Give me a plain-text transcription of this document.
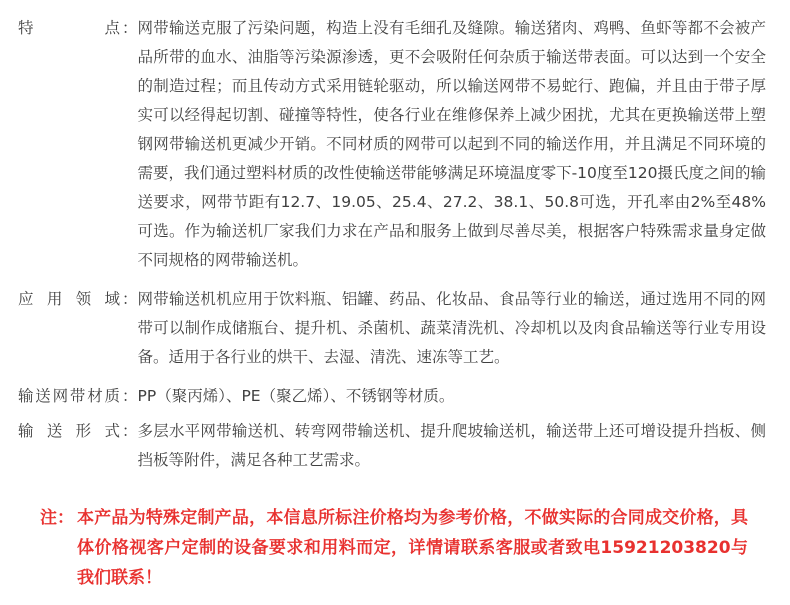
特点 ： 网带输送克服了污染问题，构造上没有毛细孔及缝隙。输送猪肉、鸡鸭、鱼虾等都不会被产品所带的血水、油脂等污染源渗透，更不会吸附任何杂质于输送带表面。可以达到一个安全的制造过程；而且传动方式采用链轮驱动，所以输送网带不易蛇行、跑偏，并且由于带子厚实可以经得起切割、碰撞等特性，使各行业在维修保养上减少困扰，尤其在更换输送带上塑钢网带输送机更减少开销。不同材质的网带可以起到不同的输送作用，并且满足不同环境的需要，我们通过塑料材质的改性使输送带能够满足环境温度零下-10度至120摄氏度之间的输送要求，网带节距有12.7、19.05、25.4、27.2、38.1、50.8可选，开孔率由2%至48%可选。作为输送机厂家我们力求在产品和服务上做到尽善尽美，根据客户特殊需求量身定做不同规格的网带输送机。
应用领域 ： 网带输送机机应用于饮料瓶、铝罐、药品、化妆品、食品等行业的输送，通过选用不同的网带可以制作成储瓶台、提升机、杀菌机、蔬菜清洗机、冷却机以及肉食品输送等行业专用设备。适用于各行业的烘干、去湿、清洗、速冻等工艺。
输送网带材质 ： PP（聚丙烯）、PE（聚乙烯）、不锈钢等材质。
输送形式 ： 多层水平网带输送机、转弯网带输送机、提升爬坡输送机，输送带上还可增设提升挡板、侧挡板等附件，满足各种工艺需求。
注 ： 本产品为特殊定制产品，本信息所标注价格均为参考价格，不做实际的合同成交价格，具体价格视客户定制的设备要求和用料而定，详情请联系客服或者致电15921203820与我们联系！
